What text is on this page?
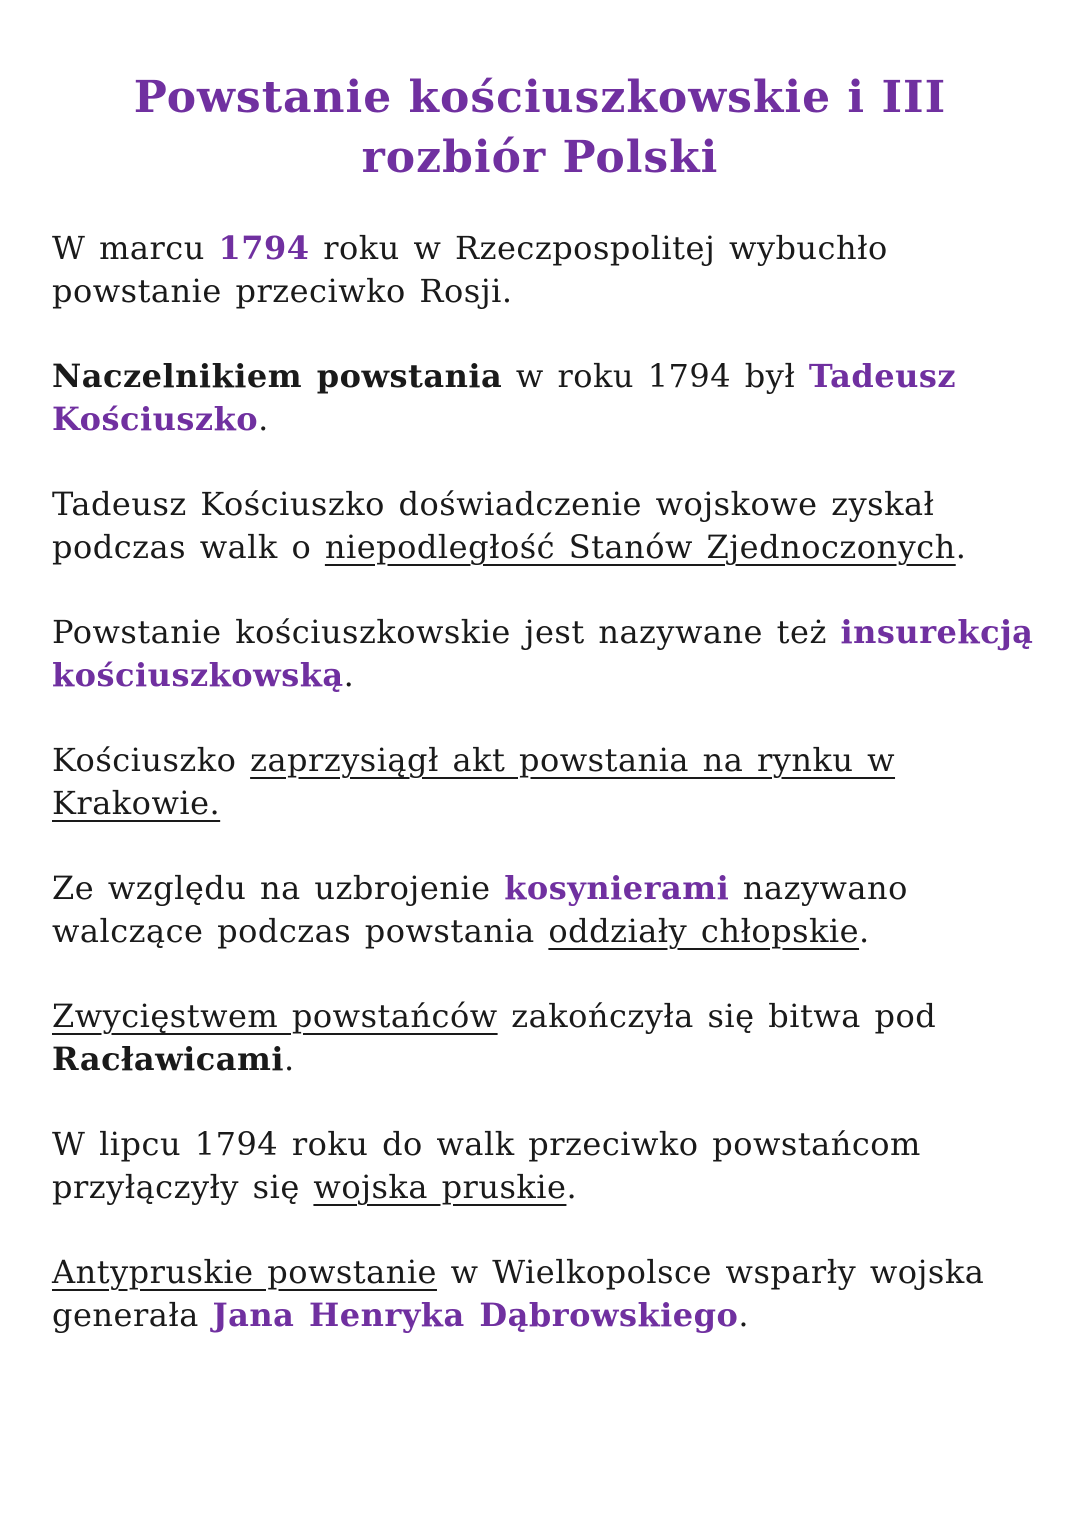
Powstanie kościuszkowskie i III rozbiór Polski

W marcu 1794 roku w Rzeczpospolitej wybuchło powstanie przeciwko Rosji.

Naczelnikiem powstania w roku 1794 był Tadeusz Kościuszko.

Tadeusz Kościuszko doświadczenie wojskowe zyskał podczas walk o niepodległość Stanów Zjednoczonych.

Powstanie kościuszkowskie jest nazywane też insurekcją kościuszkowską.

Kościuszko zaprzysiągł akt powstania na rynku w Krakowie.

Ze względu na uzbrojenie kosynierami nazywano walczące podczas powstania oddziały chłopskie.

Zwycięstwem powstańców zakończyła się bitwa pod Racławicami.

W lipcu 1794 roku do walk przeciwko powstańcom przyłączyły się wojska pruskie.

Antypruskie powstanie w Wielkopolsce wsparły wojska generała Jana Henryka Dąbrowskiego.
